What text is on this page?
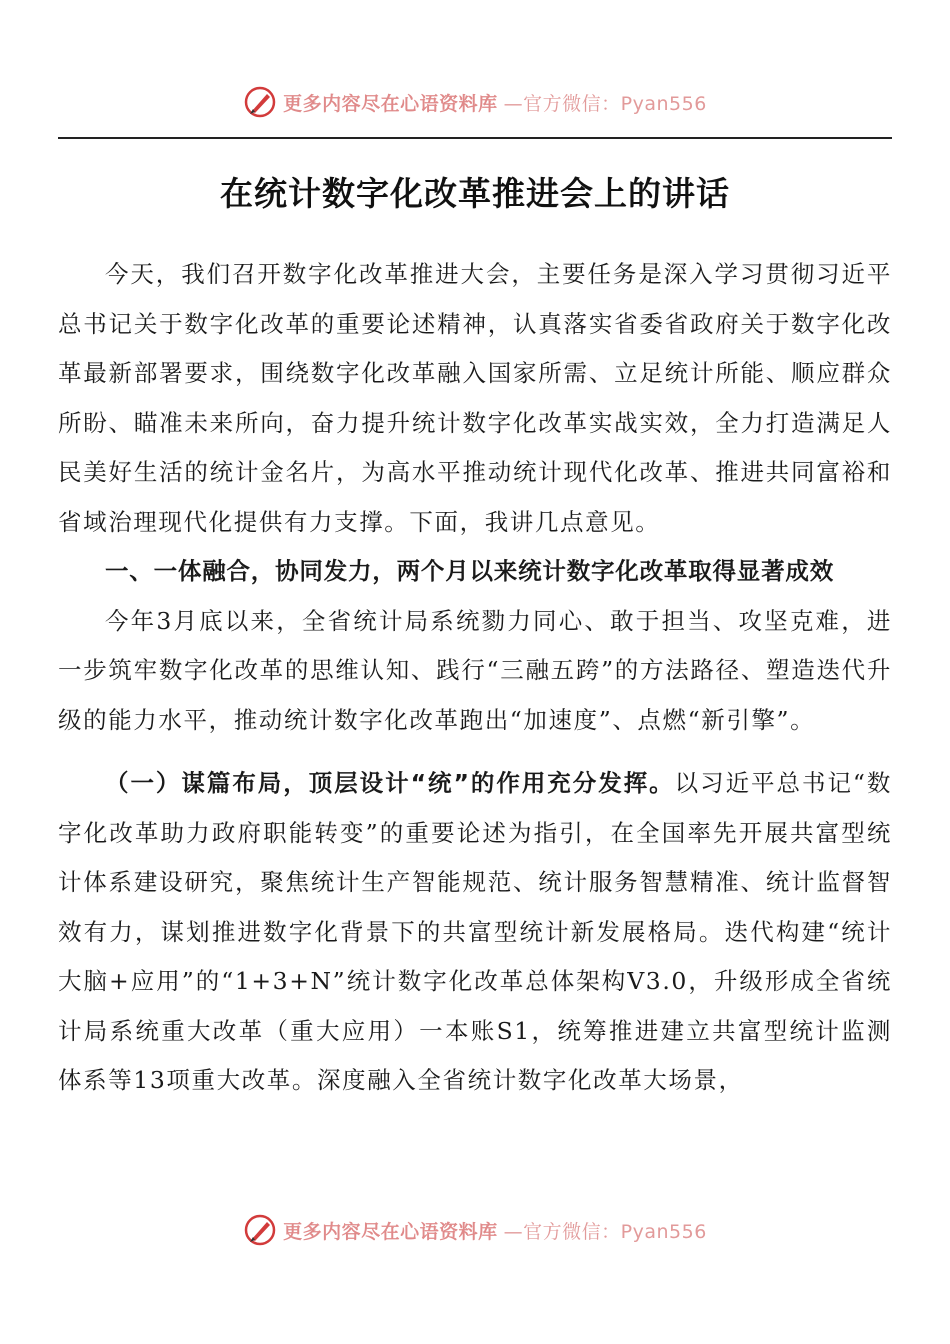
更多内容尽在心语资料库 —官方微信：Pyan556
在统计数字化改革推进会上的讲话

今天，我们召开数字化改革推进大会，主要任务是深入学习贯彻习近平总书记关于数字化改革的重要论述精神，认真落实省委省政府关于数字化改革最新部署要求，围绕数字化改革融入国家所需、立足统计所能、顺应群众所盼、瞄准未来所向，奋力提升统计数字化改革实战实效，全力打造满足人民美好生活的统计金名片，为高水平推动统计现代化改革、推进共同富裕和省域治理现代化提供有力支撑。下面，我讲几点意见。

一、一体融合，协同发力，两个月以来统计数字化改革取得显著成效

今年3月底以来，全省统计局系统勠力同心、敢于担当、攻坚克难，进一步筑牢数字化改革的思维认知、践行“三融五跨”的方法路径、塑造迭代升级的能力水平，推动统计数字化改革跑出“加速度”、点燃“新引擎”。

（一）谋篇布局，顶层设计“统”的作用充分发挥。以习近平总书记“数字化改革助力政府职能转变”的重要论述为指引，在全国率先开展共富型统计体系建设研究，聚焦统计生产智能规范、统计服务智慧精准、统计监督智效有力，谋划推进数字化背景下的共富型统计新发展格局。迭代构建“统计大脑+应用”的“1+3+N”统计数字化改革总体架构V3.0，升级形成全省统计局系统重大改革（重大应用）一本账S1，统筹推进建立共富型统计监测体系等13项重大改革。深度融入全省统计数字化改革大场景，

更多内容尽在心语资料库 —官方微信：Pyan556
